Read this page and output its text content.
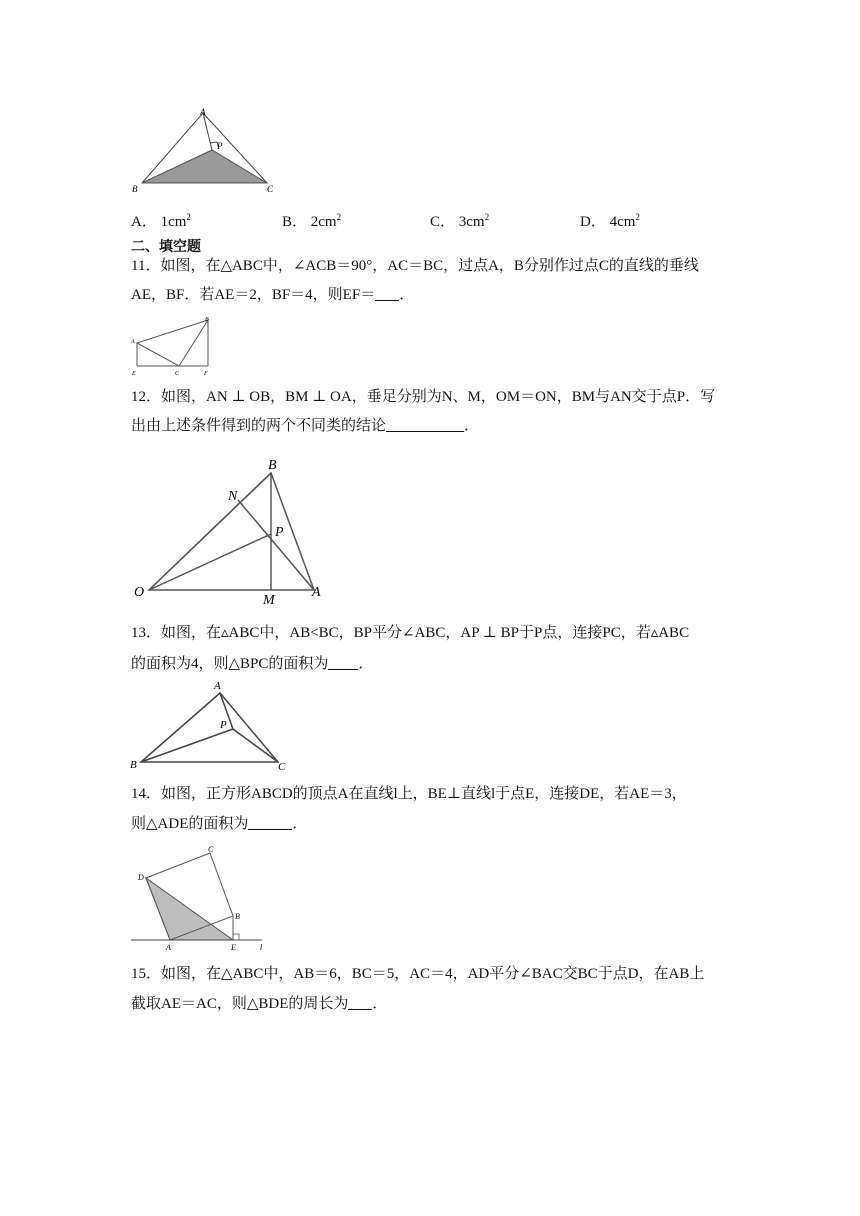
A
P
B	C
A． $1cm^2$	B． $2cm^2$	C． $3cm^2$	D． $4cm^2$
二、填空题
11．如图，在△ABC中，∠ACB＝90°，AC＝BC，过点A，B分别作过点C的直线的垂线
AE，BF．若AE＝2，BF＝4，则EF＝ ．
B
A
C
E	F
12．如图，AN ⊥ OB，BM ⊥ OA，垂足分别为N、M，OM＝ON，BM与AN交于点P．写
出由上述条件得到的两个不同类的结论	．
B
N
P
O
M
A
13．如图，在▵ABC中，AB<BC，BP平分∠ABC，AP ⊥ BP于P点，连接PC，若▵ABC
的面积为4，则△BPC的面积为 ．
A
P
B	C
14．如图，正方形ABCD的顶点A在直线l上，BE⊥直线l于点E，连接DE，若AE＝3，
则△ADE的面积为	．
C
D
B
A	E	l
15．如图，在△ABC中，AB＝6，BC＝5，AC＝4，AD平分∠BAC交BC于点D，在AB上
截取AE＝AC，则△BDE的周长为 ．
